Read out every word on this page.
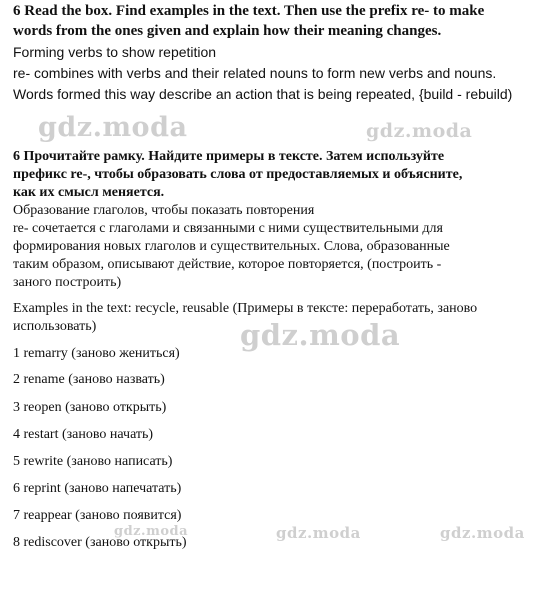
6 Read the box. Find examples in the text. Then use the prefix re- to make
words from the ones given and explain how their meaning changes.
Forming verbs to show repetition
re- combines with verbs and their related nouns to form new verbs and nouns.
Words formed this way describe an action that is being repeated, {build - rebuild)
gdz.moda	gdz.moda
6 Прочитайте рамку. Найдите примеры в тексте. Затем используйте
префикс re-, чтобы образовать слова от предоставляемых и объясните,
как их смысл меняется.
Образование глаголов, чтобы показать повторения
re- сочетается с глаголами и связанными с ними существительными для
формирования новых глаголов и существительных. Слова, образованные
таким образом, описывают действие, которое повторяется, (построить -
заного построить)
Examples in the text: recycle, reusable (Примеры в тексте: переработать, заново
использовать)	gdz.moda
1 remarry (заново жениться)
2 rename (заново назвать)
3 reopen (заново открыть)
4 restart (заново начать)
5 rewrite (заново написать)
6 reprint (заново напечатать)
7 reappear (заново появится)
8 rediscover (заново открыть)
gdz.moda	gdz.moda	gdz.moda
